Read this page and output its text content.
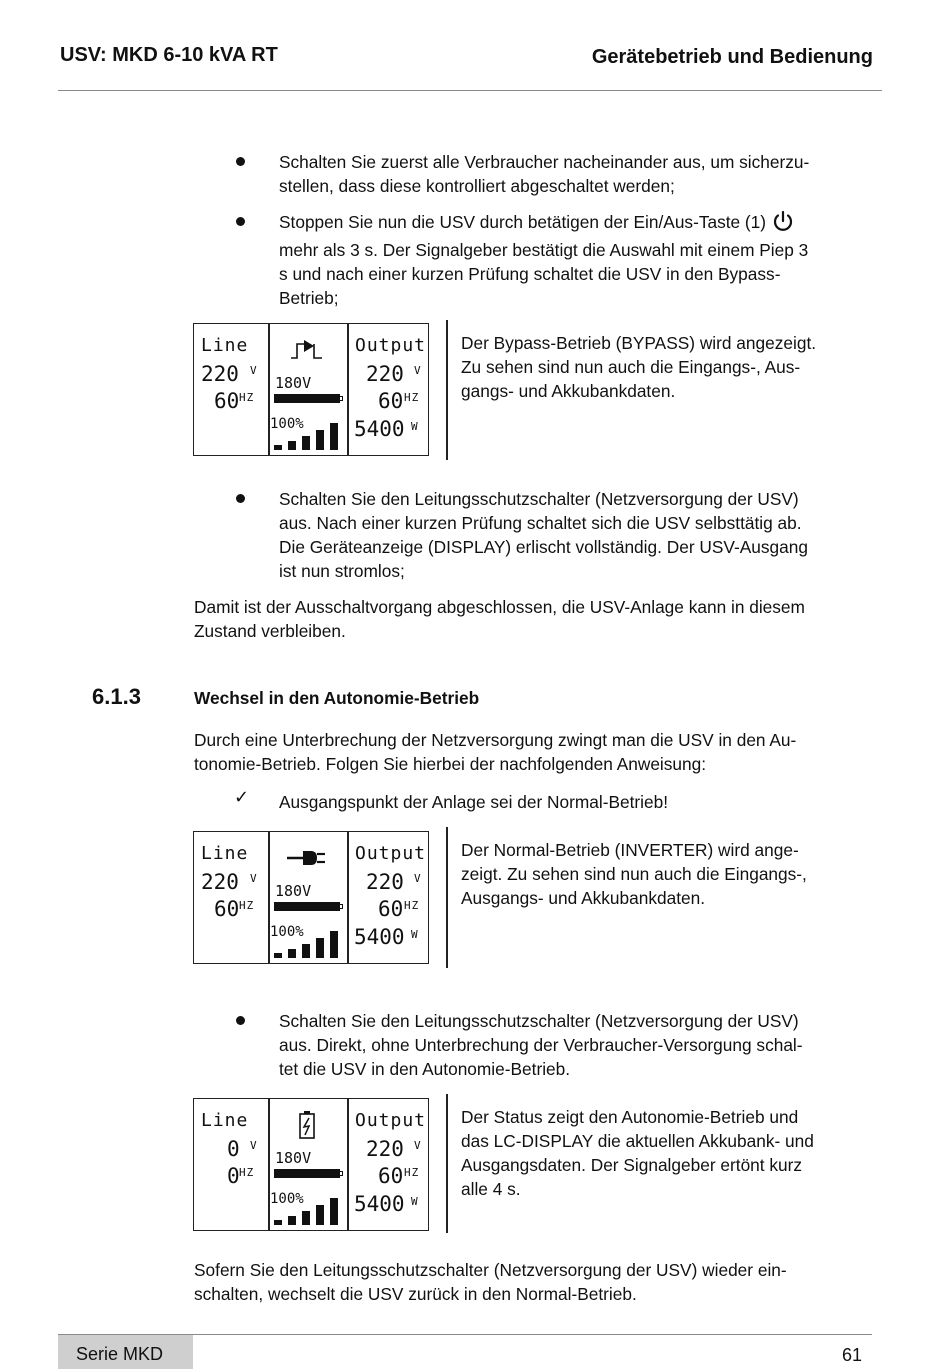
USV: MKD 6-10 kVA RT	Gerätebetrieb und Bedienung
Schalten Sie zuerst alle Verbraucher nacheinander aus, um sicherzu-
stellen, dass diese kontrolliert abgeschaltet werden;
Stoppen Sie nun die USV durch betätigen der Ein/Aus-Taste (1)
mehr als 3 s. Der Signalgeber bestätigt die Auswahl mit einem Piep 3
s und nach einer kurzen Prüfung schaltet die USV in den Bypass-
Betrieb;
Line
220 V
60 HZ
180V
100%
Output
220 V
60 HZ
5400 W
Der Bypass-Betrieb (BYPASS) wird angezeigt.
Zu sehen sind nun auch die Eingangs-, Aus-
gangs- und Akkubankdaten.
Schalten Sie den Leitungsschutzschalter (Netzversorgung der USV)
aus. Nach einer kurzen Prüfung schaltet sich die USV selbsttätig ab.
Die Geräteanzeige (DISPLAY) erlischt vollständig. Der USV-Ausgang
ist nun stromlos;
Damit ist der Ausschaltvorgang abgeschlossen, die USV-Anlage kann in diesem
Zustand verbleiben.
6.1.3	Wechsel in den Autonomie-Betrieb
Durch eine Unterbrechung der Netzversorgung zwingt man die USV in den Au-
tonomie-Betrieb. Folgen Sie hierbei der nachfolgenden Anweisung:
✓ Ausgangspunkt der Anlage sei der Normal-Betrieb!
Line
220 V
60 HZ
180V
100%
Output
220 V
60 HZ
5400 W
Der Normal-Betrieb (INVERTER) wird ange-
zeigt. Zu sehen sind nun auch die Eingangs-,
Ausgangs- und Akkubankdaten.
Schalten Sie den Leitungsschutzschalter (Netzversorgung der USV)
aus. Direkt, ohne Unterbrechung der Verbraucher-Versorgung schal-
tet die USV in den Autonomie-Betrieb.
Line
0 V
0 HZ
180V
100%
Output
220 V
60 HZ
5400 W
Der Status zeigt den Autonomie-Betrieb und
das LC-DISPLAY die aktuellen Akkubank- und
Ausgangsdaten. Der Signalgeber ertönt kurz
alle 4 s.
Sofern Sie den Leitungsschutzschalter (Netzversorgung der USV) wieder ein-
schalten, wechselt die USV zurück in den Normal-Betrieb.
Serie MKD	61
